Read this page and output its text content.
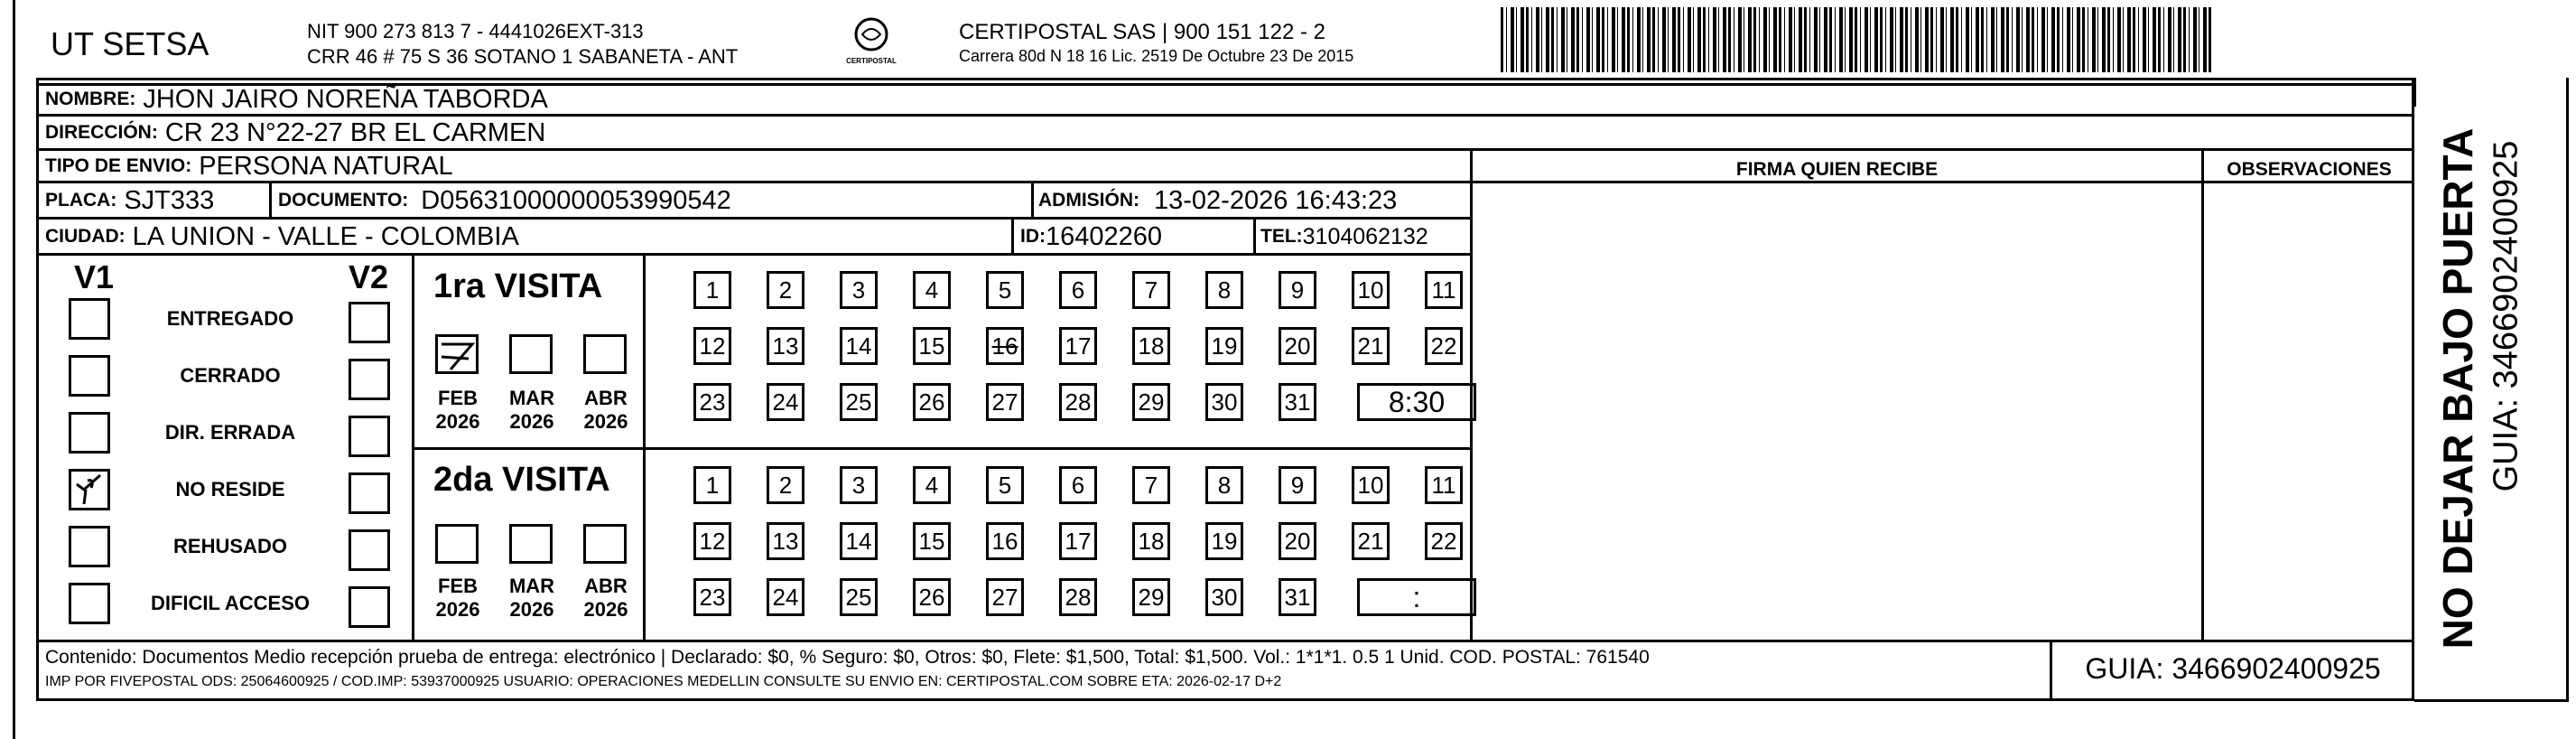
UT SETSA	NIT 900 273 813 7 - 4441026EXT-313
CRR 46 # 75 S 36 SOTANO 1 SABANETA - ANT	CERTIPOSTAL
CERTIPOSTAL SAS | 900 151 122 - 2
Carrera 80d N 18 16 Lic. 2519 De Octubre 23 De 2015
NOMBRE: JHON JAIRO NOREÑA TABORDA
DIRECCIÓN: CR 23 N°22-27 BR EL CARMEN
TIPO DE ENVIO: PERSONA NATURAL	FIRMA QUIEN RECIBE	OBSERVACIONES
PLACA: SJT333	DOCUMENTO: D05631000000053990542	ADMISIÓN: 13-02-2026 16:43:23
CIUDAD: LA UNION - VALLE - COLOMBIA	ID: 16402260	TEL: 3104062132
V1	V2
ENTREGADO
CERRADO
DIR. ERRADA
NO RESIDE
REHUSADO
DIFICIL ACCESO
1ra VISITA
2da VISITA
FEB
2026
MAR
2026
ABR
2026
1	2	3	4	5	6	7	8	9	10 11
12 13 14 15 16 17 18 19 20 21 22
23 24 25 26 27 28 29 30 31	8:30
FEB
2026
MAR
2026
ABR
2026
1	2	3	4	5	6	7	8	9	10 11
12 13 14 15 16 17 18 19 20 21 22
23 24 25 26 27 28 29 30 31	:
Contenido: Documentos Medio recepción prueba de entrega: electrónico | Declarado: $0, % Seguro: $0, Otros: $0, Flete: $1,500, Total: $1,500. Vol.: 1*1*1. 0.5 1 Unid. COD. POSTAL: 761540
IMP POR FIVEPOSTAL ODS: 25064600925 / COD.IMP: 53937000925 USUARIO: OPERACIONES MEDELLIN CONSULTE SU ENVIO EN: CERTIPOSTAL.COM SOBRE ETA: 2026-02-17 D+2	GUIA: 3466902400925
NO DEJAR BAJO PUERTA GUIA: 3466902400925
